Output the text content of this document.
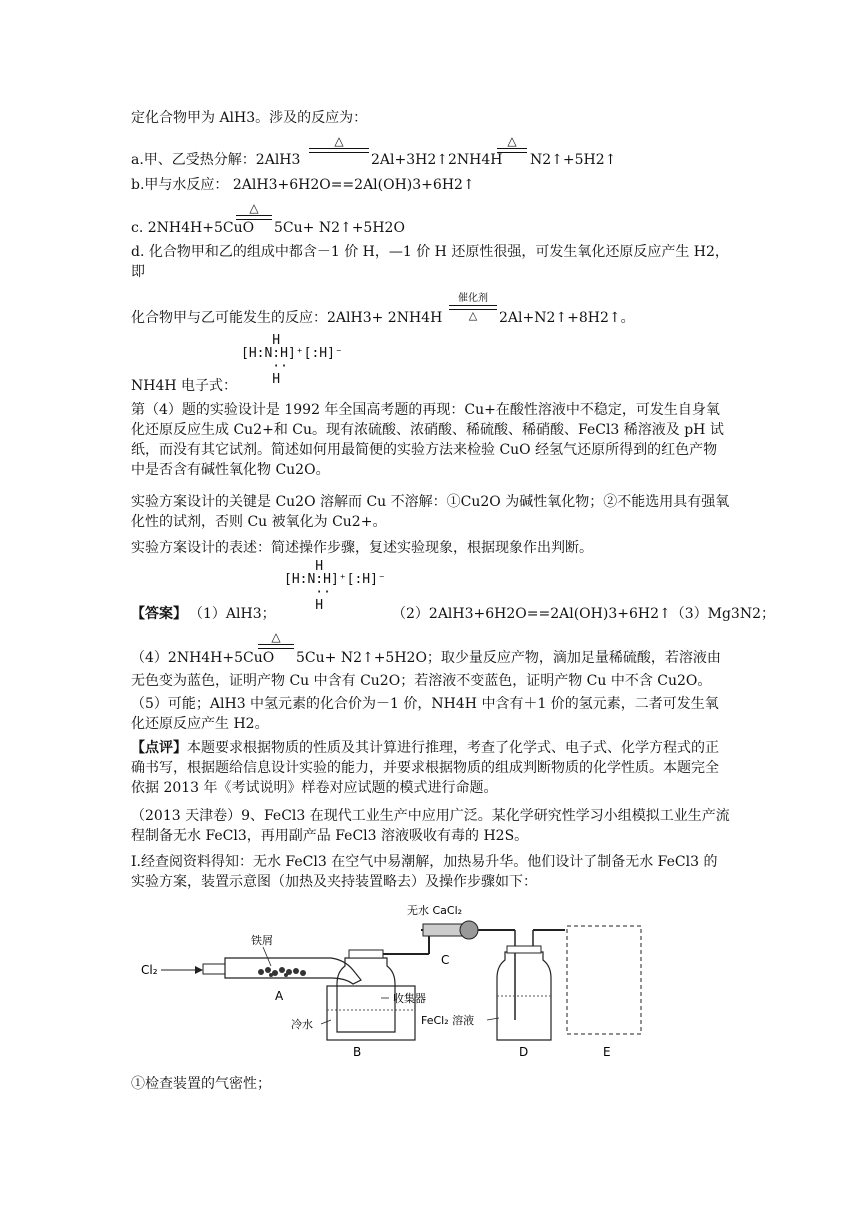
定化合物甲为 AlH3。涉及的反应为：
a.甲、乙受热分解：2AlH3
△
2Al+3H2↑ 2NH4H
△
N2↑+5H2↑
b.甲与水反应： 2AlH3+6H2O==2Al(OH)3+6H2↑
c. 2NH4H+5CuO
△
5Cu+ N2↑+5H2O
d. 化合物甲和乙的组成中都含－1 价 H，—1 价 H 还原性很强，可发生氧化还原反应产生 H2，即
化合物甲与乙可能发生的反应：2AlH3+ 2NH4H
催化剂
△	2Al+N2↑+8H2↑。
H
[H:N:H]⁺[:H]⁻
··
H
NH4H 电子式：
第（4）题的实验设计是 1992 年全国高考题的再现：Cu+在酸性溶液中不稳定，可发生自身氧化还原反应生成 Cu2+和 Cu。现有浓硫酸、浓硝酸、稀硫酸、稀硝酸、FeCl3 稀溶液及 pH 试纸，而没有其它试剂。简述如何用最简便的实验方法来检验 CuO 经氢气还原所得到的红色产物中是否含有碱性氧化物 Cu2O。
实验方案设计的关键是 Cu2O 溶解而 Cu 不溶解：①Cu2O 为碱性氧化物；②不能选用具有强氧化性的试剂，否则 Cu 被氧化为 Cu2+。
实验方案设计的表述：简述操作步骤，复述实验现象，根据现象作出判断。
H
[H:N:H]⁺[:H]⁻
··
H
【答案】 （1）AlH3；	（2）2AlH3+6H2O==2Al(OH)3+6H2↑（3）Mg3N2；
（4）2NH4H+5CuO
△
5Cu+ N2↑+5H2O；取少量反应产物，滴加足量稀硫酸，若溶液由
无色变为蓝色，证明产物 Cu 中含有 Cu2O；若溶液不变蓝色，证明产物 Cu 中不含 Cu2O。
（5）可能；AlH3 中氢元素的化合价为－1 价，NH4H 中含有＋1 价的氢元素，二者可发生氧化还原反应产生 H2。
【点评】本题要求根据物质的性质及其计算进行推理，考查了化学式、电子式、化学方程式的正确书写，根据题给信息设计实验的能力，并要求根据物质的组成判断物质的化学性质。本题完全依据 2013 年《考试说明》样卷对应试题的模式进行命题。
（2013 天津卷）9、FeCl3 在现代工业生产中应用广泛。某化学研究性学习小组模拟工业生产流程制备无水 FeCl3，再用副产品 FeCl3 溶液吸收有毒的 H2S。
I.经查阅资料得知：无水 FeCl3 在空气中易潮解，加热易升华。他们设计了制备无水 FeCl3 的实验方案，装置示意图（加热及夹持装置略去）及操作步骤如下：
Cl₂
铁屑
A	收集器
冷水
B
无水 CaCl₂
C
FeCl₂ 溶液
D	E
①检查装置的气密性；
